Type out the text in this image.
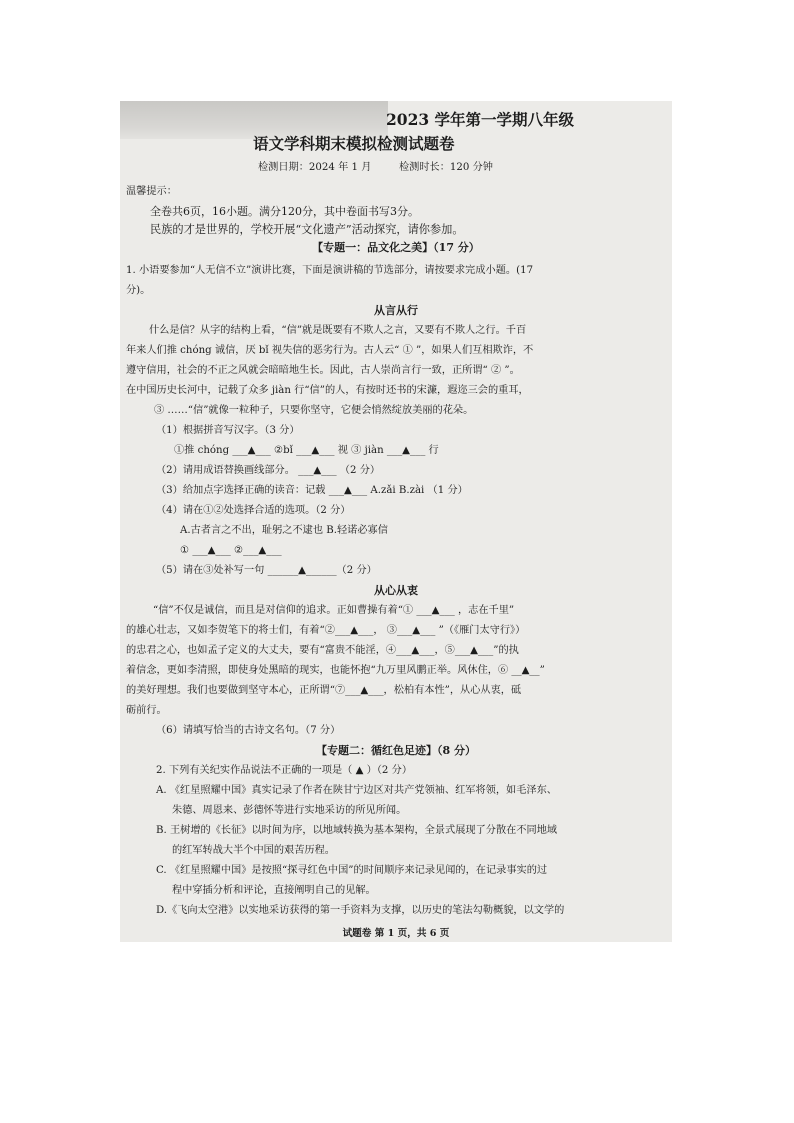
2023 学年第一学期八年级
语文学科期末模拟检测试题卷
检测日期：2024 年 1 月	检测时长：120 分钟
温馨提示：
全卷共6页，16小题。满分120分，其中卷面书写3分。
民族的才是世界的，学校开展“文化遗产”活动探究，请你参加。
【专题一：品文化之美】（17 分）
1. 小语要参加“人无信不立”演讲比赛，下面是演讲稿的节选部分，请按要求完成小题。(17
分)。
从言从行
什么是信？从字的结构上看，“信”就是既要有不欺人之言，又要有不欺人之行。千百
年来人们推 chóng 诚信，厌 bǐ 视失信的恶劣行为。古人云“ ① ”，如果人们互相欺诈，不
遵守信用，社会的不正之风就会暗暗地生长。因此，古人崇尚言行一致，正所谓“ ② ”。
在中国历史长河中，记载了众多 jiàn 行“信”的人，有按时还书的宋濂，遐迩三会的重耳，
③ ……“信”就像一粒种子，只要你坚守，它便会悄然绽放美丽的花朵。
（1）根据拼音写汉字。（3 分）
①推 chóng ___▲___ ②bǐ ___▲___ 视 ③ jiàn ___▲___ 行
（2）请用成语替换画线部分。 ___▲___ （2 分）
（3）给加点字选择正确的读音：记载 ___▲___ A.zǎi B.zài （1 分）
（4）请在①②处选择合适的选项。（2 分）
A.古者言之不出，耻躬之不逮也 B.轻诺必寡信
① ___▲___ ②___▲___
（5）请在③处补写一句 ______▲______（2 分）
从心从衷
“信”不仅是诚信，而且是对信仰的追求。正如曹操有着“① ___▲___ ，志在千里”
的雄心壮志，又如李贺笔下的将士们，有着“②___▲___， ③___▲___ ”（《雁门太守行》）
的忠君之心，也如孟子定义的大丈夫，要有“富贵不能淫，④___▲___，⑤___▲___”的执
着信念，更如李清照，即使身处黑暗的现实，也能怀抱“九万里风鹏正举。风休住，⑥ __▲__”
的美好理想。我们也要做到坚守本心，正所谓“⑦___▲___，松柏有本性”，从心从衷，砥
砺前行。
（6）请填写恰当的古诗文名句。（7 分）
【专题二：循红色足迹】（8 分）
2. 下列有关纪实作品说法不正确的一项是（ ▲ ）（2 分）
A. 《红星照耀中国》真实记录了作者在陕甘宁边区对共产党领袖、红军将领，如毛泽东、
朱德、周恩来、彭德怀等进行实地采访的所见所闻。
B. 王树增的《长征》以时间为序，以地域转换为基本架构，全景式展现了分散在不同地域
的红军转战大半个中国的艰苦历程。
C. 《红星照耀中国》是按照“探寻红色中国”的时间顺序来记录见闻的，在记录事实的过
程中穿插分析和评论，直接阐明自己的见解。
D.《飞向太空港》以实地采访获得的第一手资料为支撑，以历史的笔法勾勒概貌，以文学的
试题卷 第 1 页，共 6 页
